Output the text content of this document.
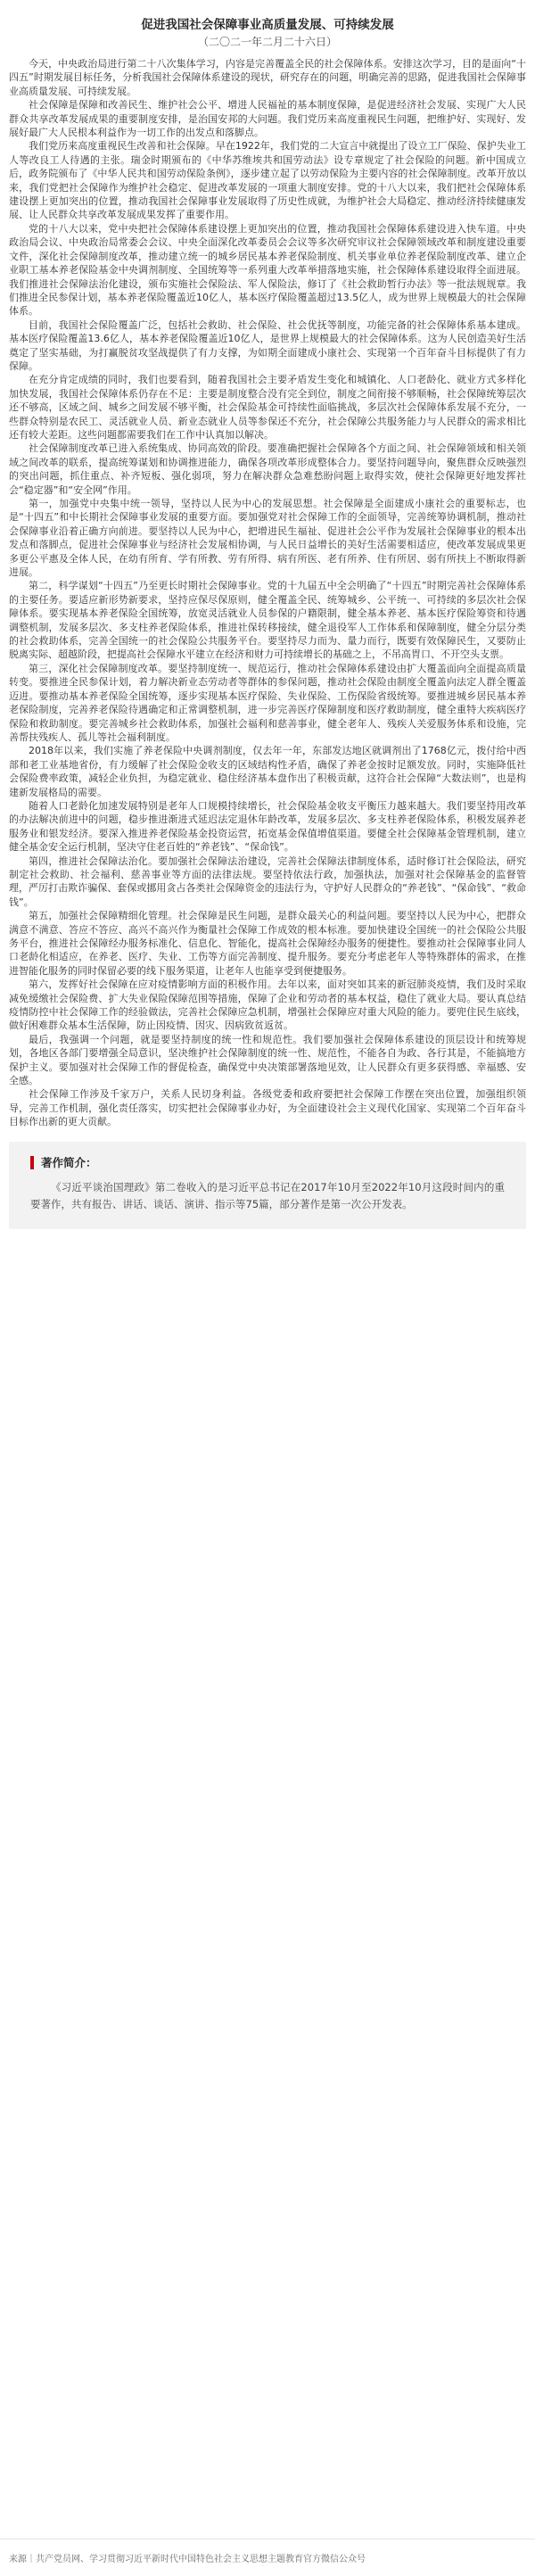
促进我国社会保障事业高质量发展、可持续发展
（二〇二一年二月二十六日）

今天，中央政治局进行第二十八次集体学习，内容是完善覆盖全民的社会保障体系。安排这次学习，目的是面向“十四五”时期发展目标任务，分析我国社会保障体系建设的现状，研究存在的问题，明确完善的思路，促进我国社会保障事业高质量发展、可持续发展。

社会保障是保障和改善民生、维护社会公平、增进人民福祉的基本制度保障，是促进经济社会发展、实现广大人民群众共享改革发展成果的重要制度安排，是治国安邦的大问题。我们党历来高度重视民生问题，把维护好、实现好、发展好最广大人民根本利益作为一切工作的出发点和落脚点。

我们党历来高度重视民生改善和社会保障。早在1922年，我们党的二大宣言中就提出了设立工厂保险、保护失业工人等改良工人待遇的主张。瑞金时期颁布的《中华苏维埃共和国劳动法》设专章规定了社会保险的问题。新中国成立后，政务院颁布了《中华人民共和国劳动保险条例》，逐步建立起了以劳动保险为主要内容的社会保障制度。改革开放以来，我们党把社会保障作为维护社会稳定、促进改革发展的一项重大制度安排。党的十八大以来，我们把社会保障体系建设摆上更加突出的位置，推动我国社会保障事业发展取得了历史性成就，为维护社会大局稳定、推动经济持续健康发展、让人民群众共享改革发展成果发挥了重要作用。

党的十八大以来，党中央把社会保障体系建设摆上更加突出的位置，推动我国社会保障体系建设进入快车道。中央政治局会议、中央政治局常委会会议、中央全面深化改革委员会会议等多次研究审议社会保障领域改革和制度建设重要文件，深化社会保障制度改革，推动建立统一的城乡居民基本养老保险制度、机关事业单位养老保险制度改革、建立企业职工基本养老保险基金中央调剂制度、全国统筹等一系列重大改革举措落地实施，社会保障体系建设取得全面进展。我们推进社会保障法治化建设，颁布实施社会保险法、军人保险法，修订了《社会救助暂行办法》等一批法规规章。我们推进全民参保计划，基本养老保险覆盖近10亿人，基本医疗保险覆盖超过13.5亿人，成为世界上规模最大的社会保障体系。

目前，我国社会保险覆盖广泛，包括社会救助、社会保险、社会优抚等制度，功能完备的社会保障体系基本建成。基本医疗保险覆盖13.6亿人，基本养老保险覆盖近10亿人，是世界上规模最大的社会保障体系。这为人民创造美好生活奠定了坚实基础，为打赢脱贫攻坚战提供了有力支撑，为如期全面建成小康社会、实现第一个百年奋斗目标提供了有力保障。

在充分肯定成绩的同时，我们也要看到，随着我国社会主要矛盾发生变化和城镇化、人口老龄化、就业方式多样化加快发展，我国社会保障体系仍存在不足：主要是制度整合没有完全到位，制度之间衔接不够顺畅，社会保障统筹层次还不够高，区域之间、城乡之间发展不够平衡，社会保险基金可持续性面临挑战，多层次社会保障体系发展不充分，一些群众特别是农民工、灵活就业人员、新业态就业人员等参保还不充分，社会保障公共服务能力与人民群众的需求相比还有较大差距。这些问题都需要我们在工作中认真加以解决。

社会保障制度改革已进入系统集成、协同高效的阶段。要准确把握社会保障各个方面之间、社会保障领域和相关领域之间改革的联系，提高统筹谋划和协调推进能力，确保各项改革形成整体合力。要坚持问题导向，聚焦群众反映强烈的突出问题，抓住重点、补齐短板、强化弱项，努力在解决群众急难愁盼问题上取得实效，使社会保障更好地发挥社会“稳定器”和“安全网”作用。

第一，加强党中央集中统一领导，坚持以人民为中心的发展思想。社会保障是全面建成小康社会的重要标志，也是“十四五”和中长期社会保障事业发展的重要方面。要加强党对社会保障工作的全面领导，完善统筹协调机制，推动社会保障事业沿着正确方向前进。要坚持以人民为中心，把增进民生福祉、促进社会公平作为发展社会保障事业的根本出发点和落脚点，促进社会保障事业与经济社会发展相协调，与人民日益增长的美好生活需要相适应，使改革发展成果更多更公平惠及全体人民，在幼有所育、学有所教、劳有所得、病有所医、老有所养、住有所居、弱有所扶上不断取得新进展。

第二，科学谋划“十四五”乃至更长时期社会保障事业。党的十九届五中全会明确了“十四五”时期完善社会保障体系的主要任务。要适应新形势新要求，坚持应保尽保原则，健全覆盖全民、统筹城乡、公平统一、可持续的多层次社会保障体系。要实现基本养老保险全国统筹，放宽灵活就业人员参保的户籍限制，健全基本养老、基本医疗保险筹资和待遇调整机制，发展多层次、多支柱养老保险体系，推进社保转移接续，健全退役军人工作体系和保障制度，健全分层分类的社会救助体系，完善全国统一的社会保险公共服务平台。要坚持尽力而为、量力而行，既要有效保障民生，又要防止脱离实际、超越阶段，把提高社会保障水平建立在经济和财力可持续增长的基础之上，不吊高胃口、不开空头支票。

第三，深化社会保障制度改革。要坚持制度统一、规范运行，推动社会保障体系建设由扩大覆盖面向全面提高质量转变。要推进全民参保计划，着力解决新业态劳动者等群体的参保问题，推动社会保险由制度全覆盖向法定人群全覆盖迈进。要推动基本养老保险全国统筹，逐步实现基本医疗保险、失业保险、工伤保险省级统筹。要推进城乡居民基本养老保险制度，完善养老保险待遇确定和正常调整机制，进一步完善医疗保障制度和医疗救助制度，健全重特大疾病医疗保险和救助制度。要完善城乡社会救助体系，加强社会福利和慈善事业，健全老年人、残疾人关爱服务体系和设施，完善帮扶残疾人、孤儿等社会福利制度。

2018年以来，我们实施了养老保险中央调剂制度，仅去年一年，东部发达地区就调剂出了1768亿元，拨付给中西部和老工业基地省份，有力缓解了社会保险金收支的区域结构性矛盾，确保了养老金按时足额发放。同时，实施降低社会保险费率政策，减轻企业负担，为稳定就业、稳住经济基本盘作出了积极贡献，这符合社会保障“大数法则”，也是构建新发展格局的需要。

随着人口老龄化加速发展特别是老年人口规模持续增长，社会保险基金收支平衡压力越来越大。我们要坚持用改革的办法解决前进中的问题，稳步推进渐进式延迟法定退休年龄改革，发展多层次、多支柱养老保险体系，积极发展养老服务业和银发经济。要深入推进养老保险基金投资运营，拓宽基金保值增值渠道。要健全社会保障基金管理机制，建立健全基金安全运行机制，坚决守住老百姓的“养老钱”、“保命钱”。

第四，推进社会保障法治化。要加强社会保障法治建设，完善社会保障法律制度体系，适时修订社会保险法，研究制定社会救助、社会福利、慈善事业等方面的法律法规。要坚持依法行政，加强执法，加强对社会保障基金的监督管理，严厉打击欺诈骗保、套保或挪用贪占各类社会保障资金的违法行为，守护好人民群众的“养老钱”、“保命钱”、“救命钱”。

第五，加强社会保障精细化管理。社会保障是民生问题，是群众最关心的利益问题。要坚持以人民为中心，把群众满意不满意、答应不答应、高兴不高兴作为衡量社会保障工作成效的根本标准。要加快建设全国统一的社会保险公共服务平台，推进社会保障经办服务标准化、信息化、智能化，提高社会保障经办服务的便捷性。要推动社会保障事业同人口老龄化相适应，在养老、医疗、失业、工伤等方面完善制度、提升服务。要充分考虑老年人等特殊群体的需求，在推进智能化服务的同时保留必要的线下服务渠道，让老年人也能享受到便捷服务。

第六，发挥好社会保障在应对疫情影响方面的积极作用。去年以来，面对突如其来的新冠肺炎疫情，我们及时采取减免缓缴社会保险费、扩大失业保险保障范围等措施，保障了企业和劳动者的基本权益，稳住了就业大局。要认真总结疫情防控中社会保障工作的经验做法，完善社会保障应急机制，增强社会保障应对重大风险的能力。要兜住民生底线，做好困难群众基本生活保障，防止因疫情、因灾、因病致贫返贫。

最后，我强调一个问题，就是要坚持制度的统一性和规范性。我们要加强社会保障体系建设的顶层设计和统筹规划，各地区各部门要增强全局意识，坚决维护社会保障制度的统一性、规范性，不能各自为政、各行其是，不能搞地方保护主义。要加强对社会保障工作的督促检查，确保党中央决策部署落地见效，让人民群众有更多获得感、幸福感、安全感。

社会保障工作涉及千家万户，关系人民切身利益。各级党委和政府要把社会保障工作摆在突出位置，加强组织领导，完善工作机制，强化责任落实，切实把社会保障事业办好，为全面建设社会主义现代化国家、实现第二个百年奋斗目标作出新的更大贡献。

著作简介：

《习近平谈治国理政》第二卷收入的是习近平总书记在2017年10月至2022年10月这段时间内的重要著作，共有报告、讲话、谈话、演讲、指示等75篇，部分著作是第一次公开发表。

来源｜共产党员网、学习贯彻习近平新时代中国特色社会主义思想主题教育官方微信公众号
